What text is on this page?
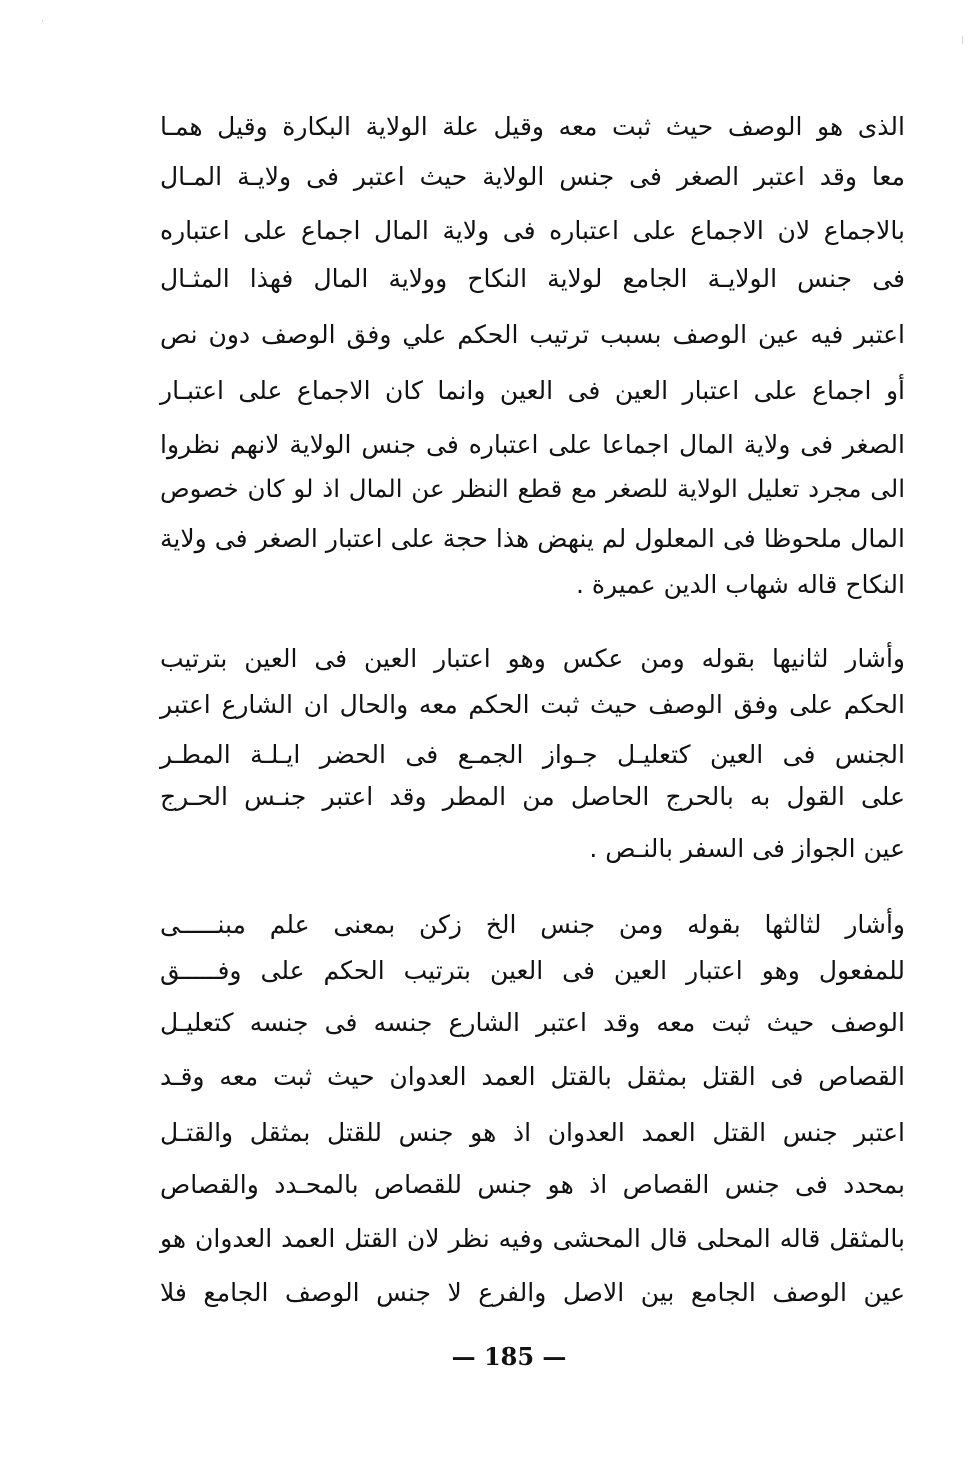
الذى هو الوصف حيث ثبت معه وقيل علة الولاية البكارة وقيل همـا
معا وقد اعتبر الصغر فى جنس الولاية حيث اعتبر فى ولايـة المـال
بالاجماع لان الاجماع على اعتباره فى ولاية المال اجماع على اعتباره
فى جنس الولايـة الجامع لولاية النكاح وولاية المال فهذا المثـال
اعتبر فيه عين الوصف بسبب ترتيب الحكم علي وفق الوصف دون نص
أو اجماع على اعتبار العين فى العين وانما كان الاجماع على اعتبـار
الصغر فى ولاية المال اجماعا على اعتباره فى جنس الولاية لانهم نظروا
الى مجرد تعليل الولاية للصغر مع قطع النظر عن المال اذ لو كان خصوص
المال ملحوظا فى المعلول لم ينهض هذا حجة على اعتبار الصغر فى ولاية
النكاح قاله شهاب الدين عميرة .
وأشار لثانيها بقوله ومن عكس وهو اعتبار العين فى العين بترتيب
الحكم على وفق الوصف حيث ثبت الحكم معه والحال ان الشارع اعتبر
الجنس فى العين كتعليـل جـواز الجمـع فى الحضر ايـلـة المطـر
على القول به بالحرج الحاصل من المطر وقد اعتبر جنـس الحـرج
عين الجواز فى السفر بالنـص .
وأشار لثالثها بقوله ومن جنس الخ زكن بمعنى علم مبنـــــى
للمفعول وهو اعتبار العين فى العين بترتيب الحكم على وفـــــق
الوصف حيث ثبت معه وقد اعتبر الشارع جنسه فى جنسه كتعليـل
القصاص فى القتل بمثقل بالقتل العمد العدوان حيث ثبت معه وقـد
اعتبر جنس القتل العمد العدوان اذ هو جنس للقتل بمثقل والقتـل
بمحدد فى جنس القصاص اذ هو جنس للقصاص بالمحـدد والقصاص
بالمثقل قاله المحلى قال المحشى وفيه نظر لان القتل العمد العدوان هو
عين الوصف الجامع بين الاصل والفرع لا جنس الوصف الجامع فلا
— 185 —
